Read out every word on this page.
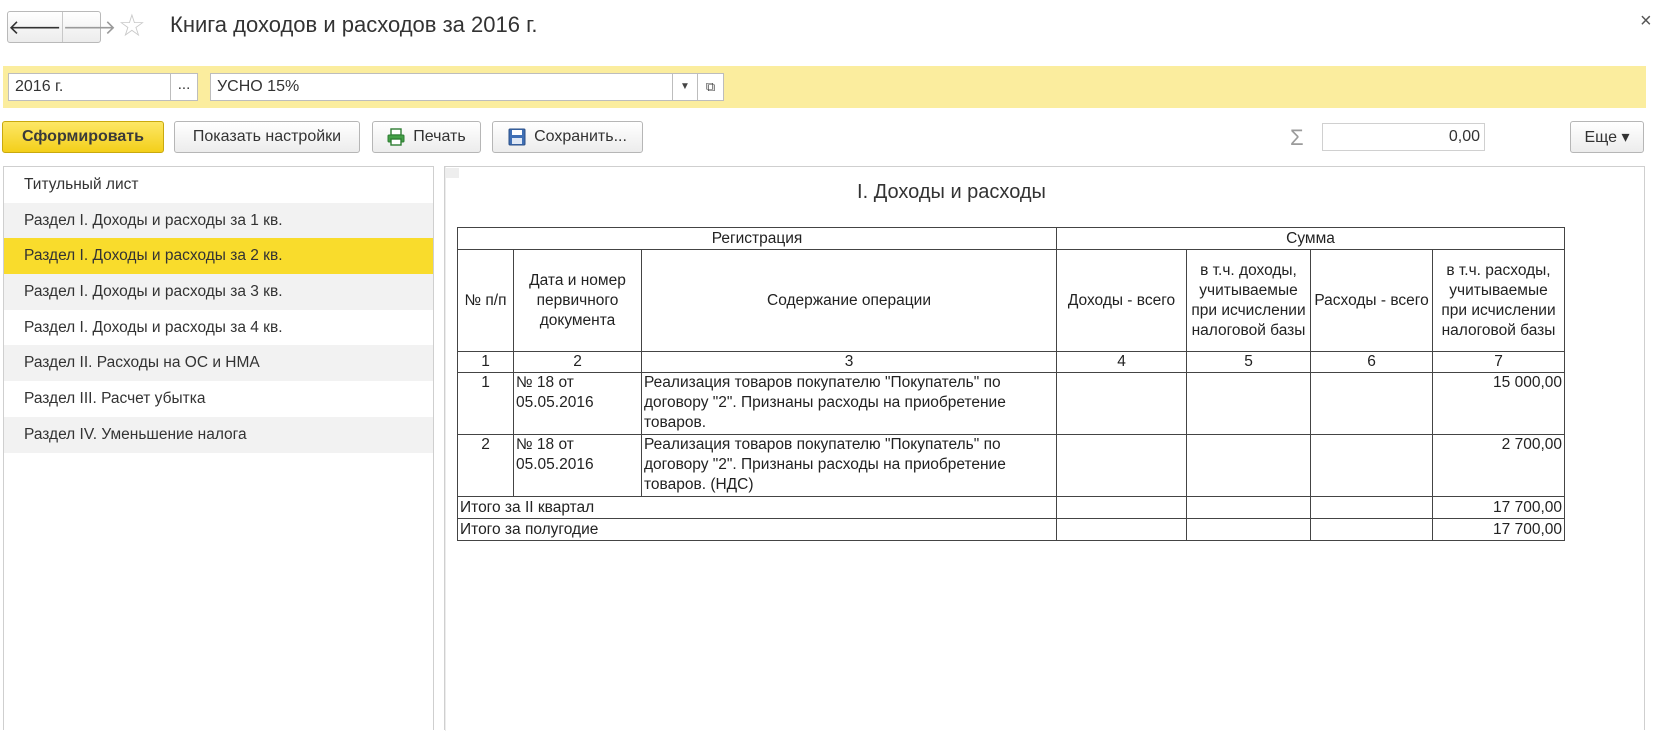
🡐 🡒 ☆ Книга доходов и расходов за 2016 г.	×
2016 г.	...	УСНО 15%	▼	⧉
Сформировать	Показать настройки	Печать	Сохранить...	Σ	0,00	Еще ▾
Титульный лист
Раздел I. Доходы и расходы за 1 кв.
Раздел I. Доходы и расходы за 2 кв.
Раздел I. Доходы и расходы за 3 кв.
Раздел I. Доходы и расходы за 4 кв.
Раздел II. Расходы на ОС и НМА
Раздел III. Расчет убытка
Раздел IV. Уменьшение налога
I. Доходы и расходы
Регистрация			Сумма			
№ п/п	Дата и номер первичного документа	Содержание операции	Доходы - всего	в т.ч. доходы, учитываемые при исчислении налоговой базы	Расходы - всего	в т.ч. расходы, учитываемые при исчислении налоговой базы
1	2	3	4	5	6	7
1	№ 18 от 05.05.2016	Реализация товаров покупателю "Покупатель" по договору "2". Признаны расходы на приобретение товаров.				15 000,00
2	№ 18 от 05.05.2016	Реализация товаров покупателю "Покупатель" по договору "2". Признаны расходы на приобретение товаров. (НДС)				2 700,00
Итого за II квартал						17 700,00
Итого за полугодие						17 700,00
